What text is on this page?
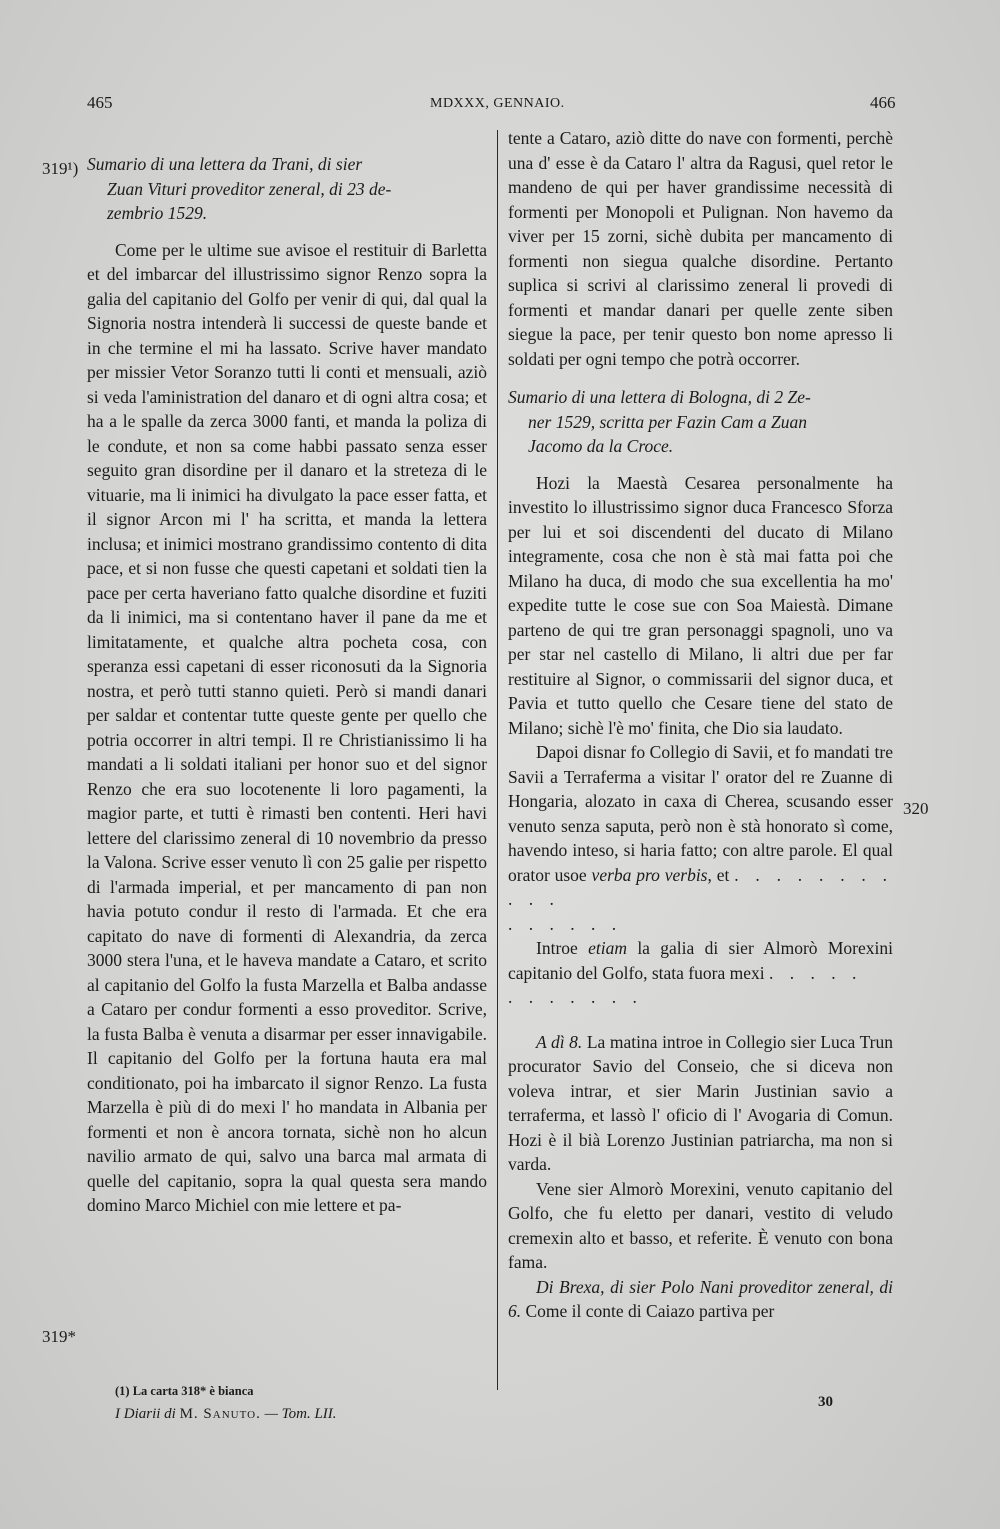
465	MDXXX, GENNAIO.	466
319¹)
319*
320
Sumario di una lettera da Trani, di sier
Zuan Vituri proveditor zeneral, di 23 de-
zembrio 1529.

Come per le ultime sue avisoe el restituir di Barletta et del imbarcar del illustrissimo signor Renzo sopra la galia del capitanio del Golfo per venir di qui, dal qual la Signoria nostra intenderà li successi de queste bande et in che termine el mi ha lassato. Scrive haver mandato per missier Vetor Soranzo tutti li conti et mensuali, aziò si veda l'aministration del danaro et di ogni altra cosa; et ha a le spalle da zerca 3000 fanti, et manda la poliza di le condute, et non sa come habbi passato senza esser seguito gran disordine per il danaro et la streteza di le vituarie, ma li inimici ha divulgato la pace esser fatta, et il signor Arcon mi l' ha scritta, et manda la lettera inclusa; et inimici mostrano grandissimo contento di dita pace, et si non fusse che questi capetani et soldati tien la pace per certa haveriano fatto qualche disordine et fuziti da li inimici, ma si contentano haver il pane da me et limitatamente, et qualche altra pocheta cosa, con speranza essi capetani di esser riconosuti da la Signoria nostra, et però tutti stanno quieti. Però si mandi danari per saldar et contentar tutte queste gente per quello che potria occorrer in altri tempi. Il re Christianissimo li ha mandati a li soldati italiani per honor suo et del signor Renzo che era suo locotenente li loro pagamenti, la magior parte, et tutti è rimasti ben contenti. Heri havi lettere del clarissimo zeneral di 10 novembrio da presso la Valona. Scrive esser venuto lì con 25 galie per rispetto di l'armada imperial, et per mancamento di pan non havia potuto condur il resto di l'armada. Et che era capitato do nave di formenti di Alexandria, da zerca 3000 stera l'una, et le haveva mandate a Cataro, et scrito al capitanio del Golfo la fusta Marzella et Balba andasse a Cataro per condur formenti a esso proveditor. Scrive, la fusta Balba è venuta a disarmar per esser innavigabile. Il capitanio del Golfo per la fortuna hauta era mal conditionato, poi ha imbarcato il signor Renzo. La fusta Marzella è più di do mexi l' ho mandata in Albania per formenti et non è ancora tornata, sichè non ho alcun navilio armato de qui, salvo una barca mal armata di quelle del capitanio, sopra la qual questa sera mando domino Marco Michiel con mie lettere et pa-

tente a Cataro, aziò ditte do nave con formenti, perchè una d' esse è da Cataro l' altra da Ragusi, quel retor le mandeno de qui per haver grandissime necessità di formenti per Monopoli et Pulignan. Non havemo da viver per 15 zorni, sichè dubita per mancamento di formenti non siegua qualche disordine. Pertanto suplica si scrivi al clarissimo zeneral li provedi di formenti et mandar danari per quelle zente siben siegue la pace, per tenir questo bon nome apresso li soldati per ogni tempo che potrà occorrer.

Sumario di una lettera di Bologna, di 2 Ze-
ner 1529, scritta per Fazin Cam a Zuan
Jacomo da la Croce.

Hozi la Maestà Cesarea personalmente ha investito lo illustrissimo signor duca Francesco Sforza per lui et soi discendenti del ducato di Milano integramente, cosa che non è stà mai fatta poi che Milano ha duca, di modo che sua excellentia ha mo' expedite tutte le cose sue con Soa Maiestà. Dimane parteno de qui tre gran personaggi spagnoli, uno va per star nel castello di Milano, li altri due per far restituire al Signor, o commissarii del signor duca, et Pavia et tutto quello che Cesare tiene del stato de Milano; sichè l'è mo' finita, che Dio sia laudato.

Dapoi disnar fo Collegio di Savii, et fo mandati tre Savii a Terraferma a visitar l' orator del re Zuanne di Hongaria, alozato in caxa di Cherea, scusando esser venuto senza saputa, però non è stà honorato sì come, havendo inteso, si haria fatto; con altre parole. El qual orator usoe verba pro verbis, et . . . . . . . . . . .
. . . . . .

Introe etiam la galia di sier Almorò Morexini capitanio del Golfo, stata fuora mexi . . . . .
. . . . . . .

A dì 8. La matina introe in Collegio sier Luca Trun procurator Savio del Conseio, che si diceva non voleva intrar, et sier Marin Justinian savio a terraferma, et lassò l' oficio di l' Avogaria di Comun. Hozi è il bià Lorenzo Justinian patriarcha, ma non si varda.

Vene sier Almorò Morexini, venuto capitanio del Golfo, che fu eletto per danari, vestito di veludo cremexin alto et basso, et referite. È venuto con bona fama.

Di Brexa, di sier Polo Nani proveditor zeneral, di 6. Come il conte di Caiazo partiva per

(1) La carta 318* è bianca
I Diarii di M. Sanuto. — Tom. LII.
30
